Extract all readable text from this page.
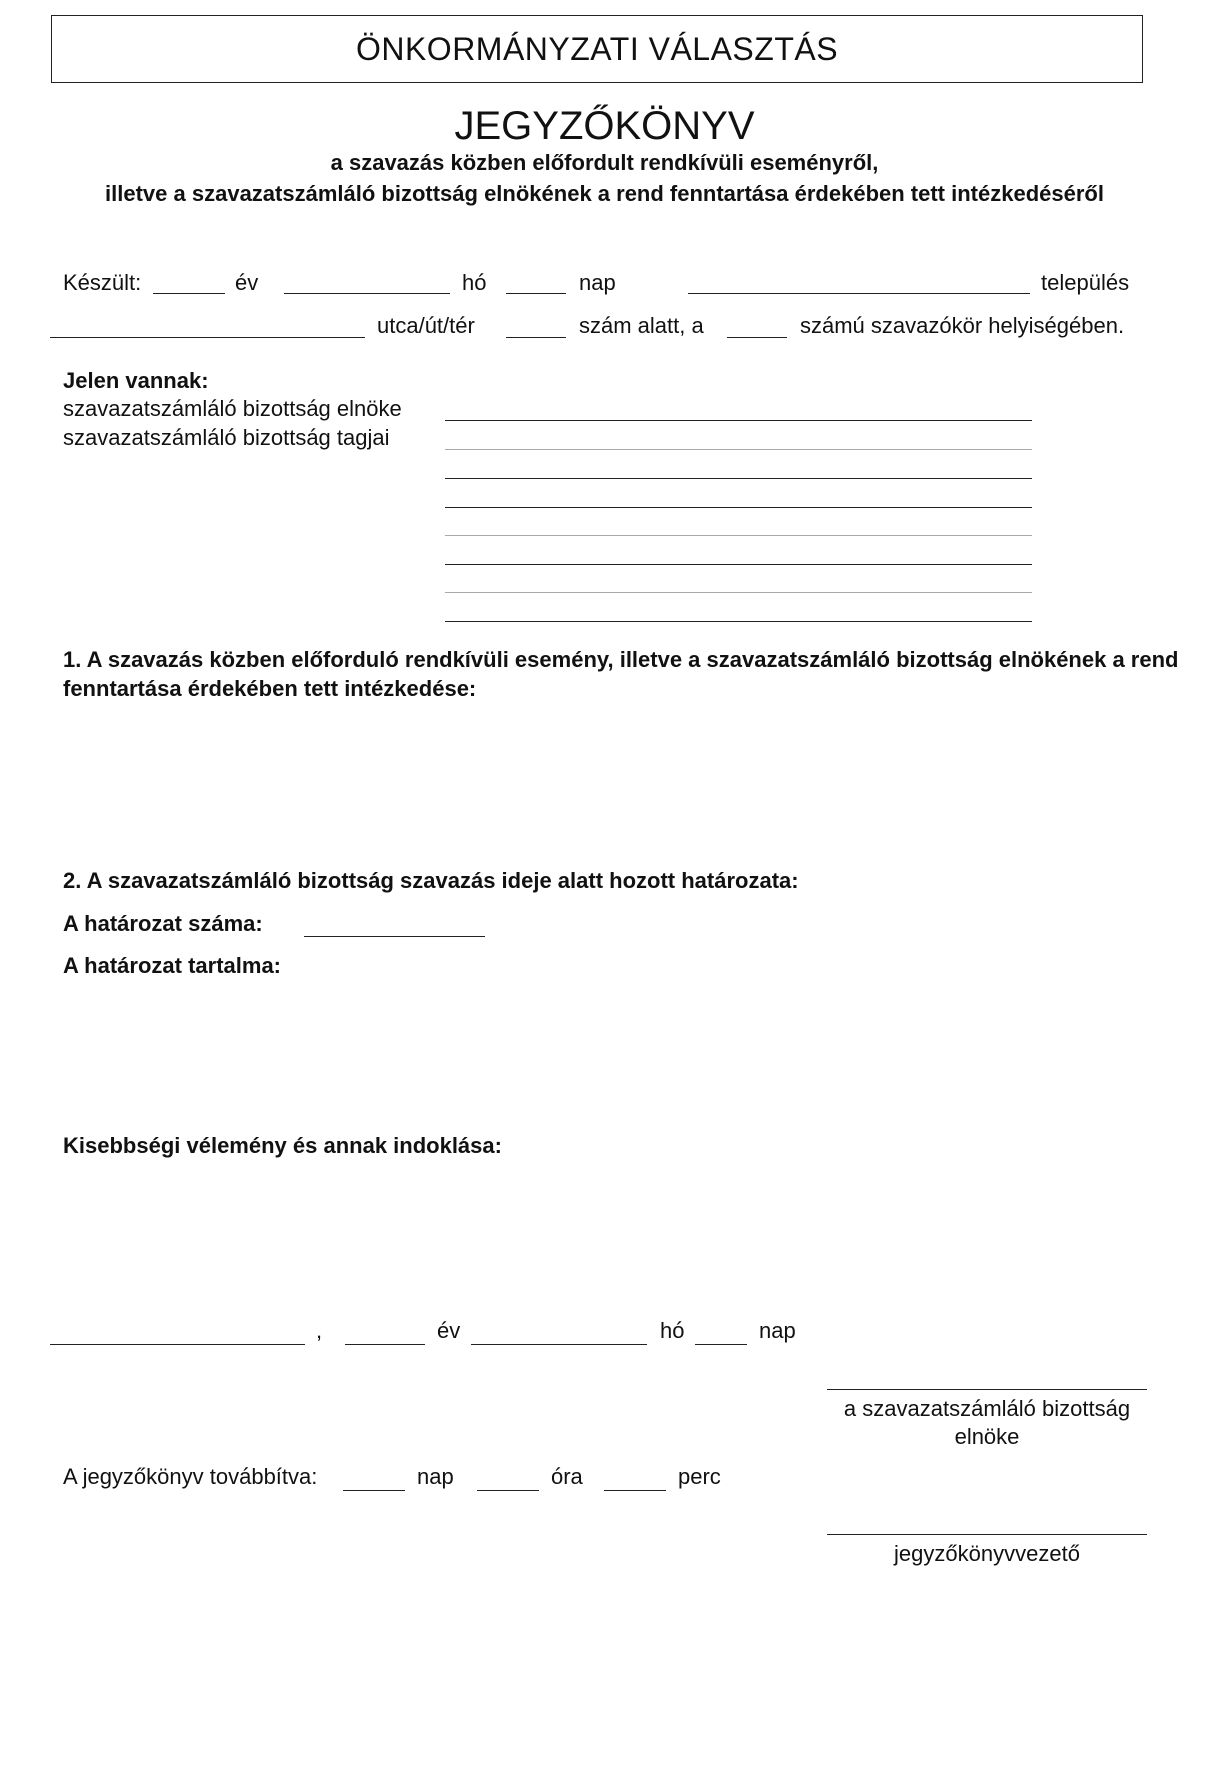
ÖNKORMÁNYZATI VÁLASZTÁS
JEGYZŐKÖNYV
a szavazás közben előfordult rendkívüli eseményről,
illetve a szavazatszámláló bizottság elnökének a rend fenntartása érdekében tett intézkedéséről
Készült:	év	hó	nap	település
utca/út/tér	szám alatt, a	számú szavazókör helyiségében.
Jelen vannak:
szavazatszámláló bizottság elnöke
szavazatszámláló bizottság tagjai
1. A szavazás közben előforduló rendkívüli esemény, illetve a szavazatszámláló bizottság elnökének a rend
fenntartása érdekében tett intézkedése:
2. A szavazatszámláló bizottság szavazás ideje alatt hozott határozata:
A határozat száma:
A határozat tartalma:
Kisebbségi vélemény és annak indoklása:
,	év	hó	nap
a szavazatszámláló bizottság
elnöke
A jegyzőkönyv továbbítva:	nap	óra	perc
jegyzőkönyvvezető
